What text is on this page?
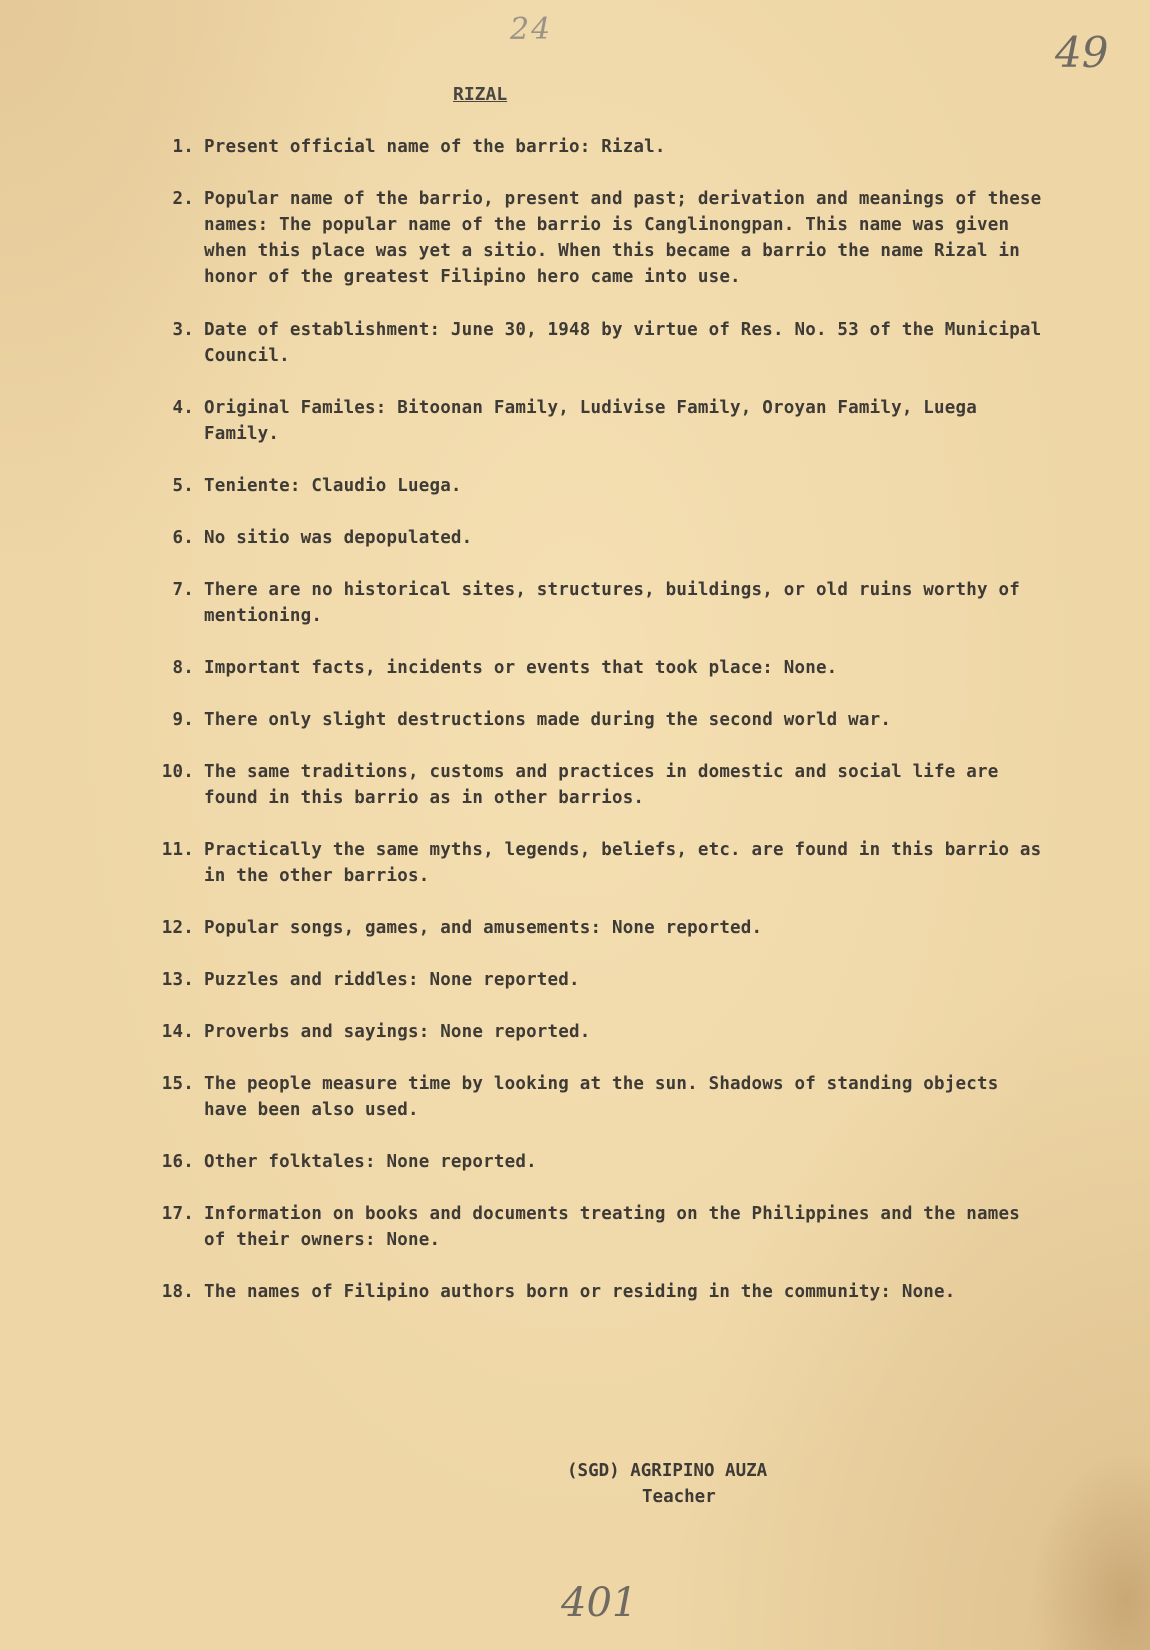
24	49
RIZAL
1. Present official name of the barrio: Rizal.
2. Popular name of the barrio, present and past; derivation and meanings of these names: The popular name of the barrio is Canglinongpan. This name was given when this place was yet a sitio. When this became a barrio the name Rizal in honor of the greatest Filipino hero came into use.
3. Date of establishment: June 30, 1948 by virtue of Res. No. 53 of the Municipal Council.
4. Original Familes: Bitoonan Family, Ludivise Family, Oroyan Family, Luega Family.
5. Teniente: Claudio Luega.
6. No sitio was depopulated.
7. There are no historical sites, structures, buildings, or old ruins worthy of mentioning.
8. Important facts, incidents or events that took place: None.
9. There only slight destructions made during the second world war.
10. The same traditions, customs and practices in domestic and social life are found in this barrio as in other barrios.
11. Practically the same myths, legends, beliefs, etc. are found in this barrio as in the other barrios.
12. Popular songs, games, and amusements: None reported.
13. Puzzles and riddles: None reported.
14. Proverbs and sayings: None reported.
15. The people measure time by looking at the sun. Shadows of standing objects have been also used.
16. Other folktales: None reported.
17. Information on books and documents treating on the Philippines and the names of their owners: None.
18. The names of Filipino authors born or residing in the community: None.
(SGD) AGRIPINO AUZA
Teacher
401
